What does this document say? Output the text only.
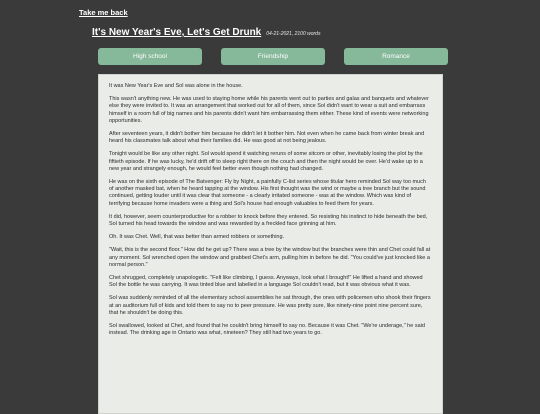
Take me back
It's New Year's Eve, Let's Get Drunk 04-21-2021, 2100 words
High school	Friendship	Romance

It was New Year's Eve and Sol was alone in the house.

This wasn't anything new. He was used to staying home while his parents went out to parties and galas and banquets and whatever else they were invited to. It was an arrangement that worked out for all of them, since Sol didn't want to wear a suit and embarrass himself in a room full of big names and his parents didn't want him embarrassing them either. These kind of events were networking opportunities.

After seventeen years, it didn't bother him because he didn't let it bother him. Not even when he came back from winter break and heard his classmates talk about what their families did. He was good at not being jealous.

Tonight would be like any other night. Sol would spend it watching reruns of some sitcom or other, inevitably losing the plot by the fiftieth episode. If he was lucky, he'd drift off to sleep right there on the couch and then the night would be over. He'd wake up to a new year and strangely enough, he would feel better even though nothing had changed.

He was on the sixth episode of The Batvenger: Fly by Night, a painfully C-list series whose titular hero reminded Sol way too much of another masked bat, when he heard tapping at the window. His first thought was the wind or maybe a tree branch but the sound continued, getting louder until it was clear that someone - a clearly irritated someone - was at the window. Which was kind of terrifying because home invaders were a thing and Sol's house had enough valuables to feed them for years.

It did, however, seem counterproductive for a robber to knock before they entered. So resisting his instinct to hide beneath the bed, Sol turned his head towards the window and was rewarded by a freckled face grinning at him.

Oh. It was Chet. Well, that was better than armed robbers or something.

"Wait, this is the second floor." How did he get up? There was a tree by the window but the branches were thin and Chet could fall at any moment. Sol wrenched open the window and grabbed Chet's arm, pulling him in before he did. "You could've just knocked like a normal person."

Chet shrugged, completely unapologetic. "Felt like climbing, I guess. Anyways, look what I brought!" He lifted a hand and showed Sol the bottle he was carrying. It was tinted blue and labelled in a language Sol couldn't read, but it was obvious what it was.

Sol was suddenly reminded of all the elementary school assemblies he sat through, the ones with policemen who shook their fingers at an auditorium full of kids and told them to say no to peer pressure. He was pretty sure, like ninety-nine point nine percent sure, that he shouldn't be doing this.

Sol swallowed, looked at Chet, and found that he couldn't bring himself to say no. Because it was Chet. "We're underage," he said instead. The drinking age in Ontario was what, nineteen? They still had two years to go.
